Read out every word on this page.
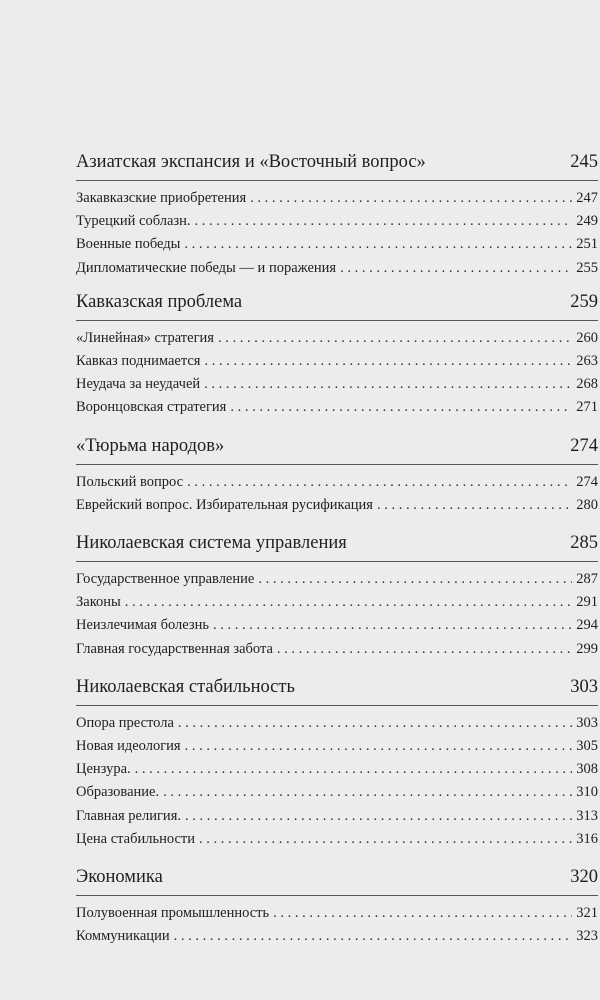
Азиатская экспансия и «Восточный вопрос»	245
Закавказские приобретения . . .	247
Турецкий соблазн. . . .	249
Военные победы . . .	251
Дипломатические победы — и поражения . . .	255
Кавказская проблема	259
«Линейная» стратегия . . .	260
Кавказ поднимается . . .	263
Неудача за неудачей . . .	268
Воронцовская стратегия . . .	271
«Тюрьма народов»	274
Польский вопрос . . .	274
Еврейский вопрос. Избирательная русификация . . .	280
Николаевская система управления	285
Государственное управление . . .	287
Законы . . .	291
Неизлечимая болезнь . . .	294
Главная государственная забота . . .	299
Николаевская стабильность	303
Опора престола . . .	303
Новая идеология . . .	305
Цензура. . . .	308
Образование. . . .	310
Главная религия. . . .	313
Цена стабильности . . .	316
Экономика	320
Полувоенная промышленность . . .	321
Коммуникации . . .	323
